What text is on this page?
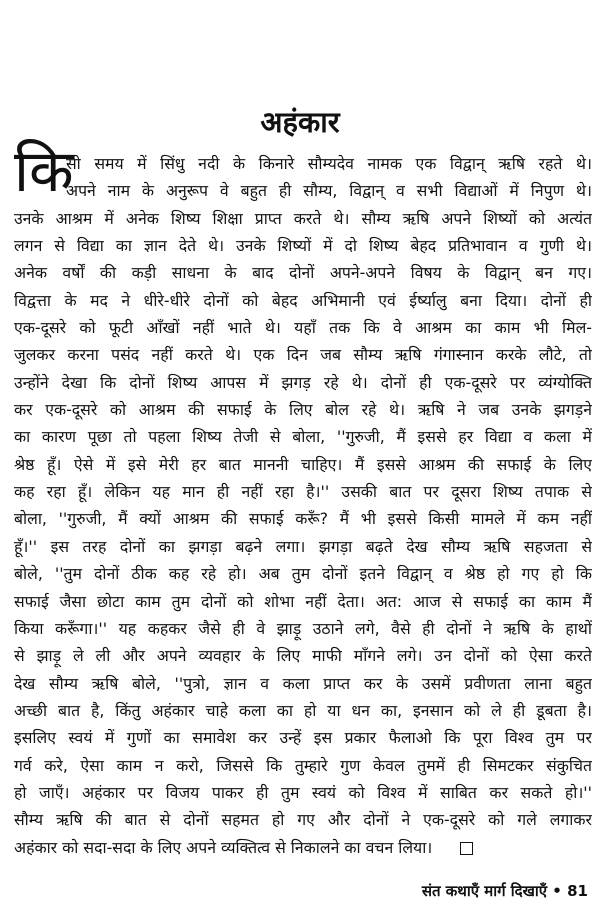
अहंकार
कि
सी समय में सिंधु नदी के किनारे सौम्यदेव नामक एक विद्वान् ऋषि रहते थे।
अपने नाम के अनुरूप वे बहुत ही सौम्य, विद्वान् व सभी विद्याओं में निपुण थे।
उनके आश्रम में अनेक शिष्य शिक्षा प्राप्त करते थे। सौम्य ऋषि अपने शिष्यों को अत्यंत
लगन से विद्या का ज्ञान देते थे। उनके शिष्यों में दो शिष्य बेहद प्रतिभावान व गुणी थे।
अनेक वर्षों की कड़ी साधना के बाद दोनों अपने-अपने विषय के विद्वान् बन गए।
विद्वत्ता के मद ने धीरे-धीरे दोनों को बेहद अभिमानी एवं ईर्ष्यालु बना दिया। दोनों ही
एक-दूसरे को फूटी आँखों नहीं भाते थे। यहाँ तक कि वे आश्रम का काम भी मिल-
जुलकर करना पसंद नहीं करते थे। एक दिन जब सौम्य ऋषि गंगास्नान करके लौटे, तो
उन्होंने देखा कि दोनों शिष्य आपस में झगड़ रहे थे। दोनों ही एक-दूसरे पर व्यंग्योक्ति
कर एक-दूसरे को आश्रम की सफाई के लिए बोल रहे थे। ऋषि ने जब उनके झगड़ने
का कारण पूछा तो पहला शिष्य तेजी से बोला, ''गुरुजी, मैं इससे हर विद्या व कला में
श्रेष्ठ हूँ। ऐसे में इसे मेरी हर बात माननी चाहिए। मैं इससे आश्रम की सफाई के लिए
कह रहा हूँ। लेकिन यह मान ही नहीं रहा है।'' उसकी बात पर दूसरा शिष्य तपाक से
बोला, ''गुरुजी, मैं क्यों आश्रम की सफाई करूँ? मैं भी इससे किसी मामले में कम नहीं
हूँ।'' इस तरह दोनों का झगड़ा बढ़ने लगा। झगड़ा बढ़ते देख सौम्य ऋषि सहजता से
बोले, ''तुम दोनों ठीक कह रहे हो। अब तुम दोनों इतने विद्वान् व श्रेष्ठ हो गए हो कि
सफाई जैसा छोटा काम तुम दोनों को शोभा नहीं देता। अत: आज से सफाई का काम मैं
किया करूँगा।'' यह कहकर जैसे ही वे झाड़ू उठाने लगे, वैसे ही दोनों ने ऋषि के हाथों
से झाड़ू ले ली और अपने व्यवहार के लिए माफी माँगने लगे। उन दोनों को ऐसा करते
देख सौम्य ऋषि बोले, ''पुत्रो, ज्ञान व कला प्राप्त कर के उसमें प्रवीणता लाना बहुत
अच्छी बात है, किंतु अहंकार चाहे कला का हो या धन का, इनसान को ले ही डूबता है।
इसलिए स्वयं में गुणों का समावेश कर उन्हें इस प्रकार फैलाओ कि पूरा विश्व तुम पर
गर्व करे, ऐसा काम न करो, जिससे कि तुम्हारे गुण केवल तुममें ही सिमटकर संकुचित
हो जाएँ। अहंकार पर विजय पाकर ही तुम स्वयं को विश्व में साबित कर सकते हो।''
सौम्य ऋषि की बात से दोनों सहमत हो गए और दोनों ने एक-दूसरे को गले लगाकर
अहंकार को सदा-सदा के लिए अपने व्यक्तित्व से निकालने का वचन लिया।
संत कथाएँ मार्ग दिखाएँ • 81
